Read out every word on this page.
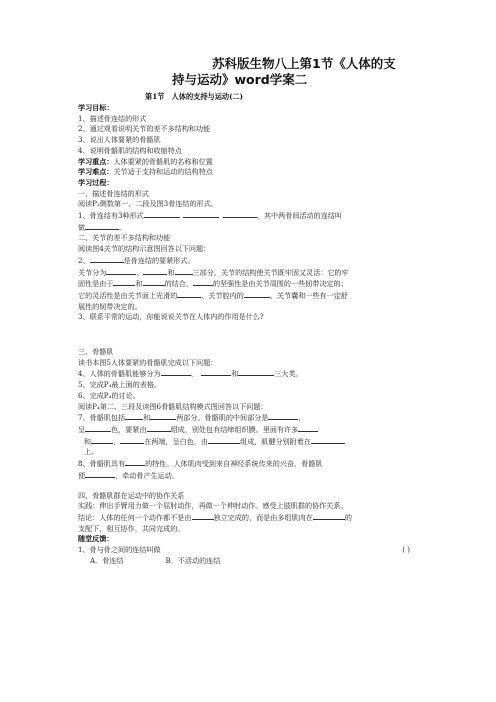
苏科版生物八上第1节《人体的支
持与运动》word学案二
第1节　人体的支持与运动(二)
学习目标：
1、描述骨连结的形式
2、通过观看说明关节的差不多结构和功能
3、说出人体要紧的骨骼肌
4、说明骨骼肌的结构和收缩特点
学习重点：人体要紧的骨骼肌的名称和位置
学习难点：关节适于支持和运动的结构特点
学习过程：
一、描述骨连结的形式
阅读P₂侧数第一、二段及图3骨连结的形式。
1、骨连结有3种形式  	，其中两骨间活动的连结叫
做	。
二、关节的差不多结构和功能
阅读图4关节的结构示意图回答以下问题：
2、	是骨连结的要紧形式。
关节分为	、	和	三部分。关节的结构使关节既牢固又灵活：它的牢
固性是由于	和	的结合，	的坚强性是由关节周围的一些韧带决定的；
它的灵活性是由关节面上光滑的	、关节腔内的	、关节囊和一些有一定舒
展性的韧带决定的。
3、联系平常的运动，你能说说关节在人体内的作用是什么?
三、骨骼肌
读书本图5人体要紧的骨骼肌完成以下问题：
4、人体的骨骼肌能够分为	、 	和	三大类。
5、完成P₄最上面的表格。
6、完成P₄的讨论。
阅读P₄第二、三段及读图6骨骼肌结构模式图回答以下问题：
7、骨骼肌包括	和	两部分。骨骼肌的中间部分是	，
呈	色，要紧由	组成，别处包有结缔组织膜。里面有许多
和	，	在两端，呈白色，由	组成，肌腱分别附着在
上。
8、骨骼肌具有	的特性。人体肌肉受到来自神经系统传来的兴奋，骨骼肌
便	，牵动骨产生运动。
四、骨骼肌群在运动中的协作关系
实践：伸出手臂用力做一个屈肘动作，再做一个伸肘动作。感受上肢肌群的协作关系。
结论：人体的任何一个动作都不是由	独立完成的，而是由多组肌肉在	的
支配下，相互协作，共同完成的。
随堂反馈：
1、骨与骨之间的连结叫做	( )
A．骨连结	B．不活动的连结
